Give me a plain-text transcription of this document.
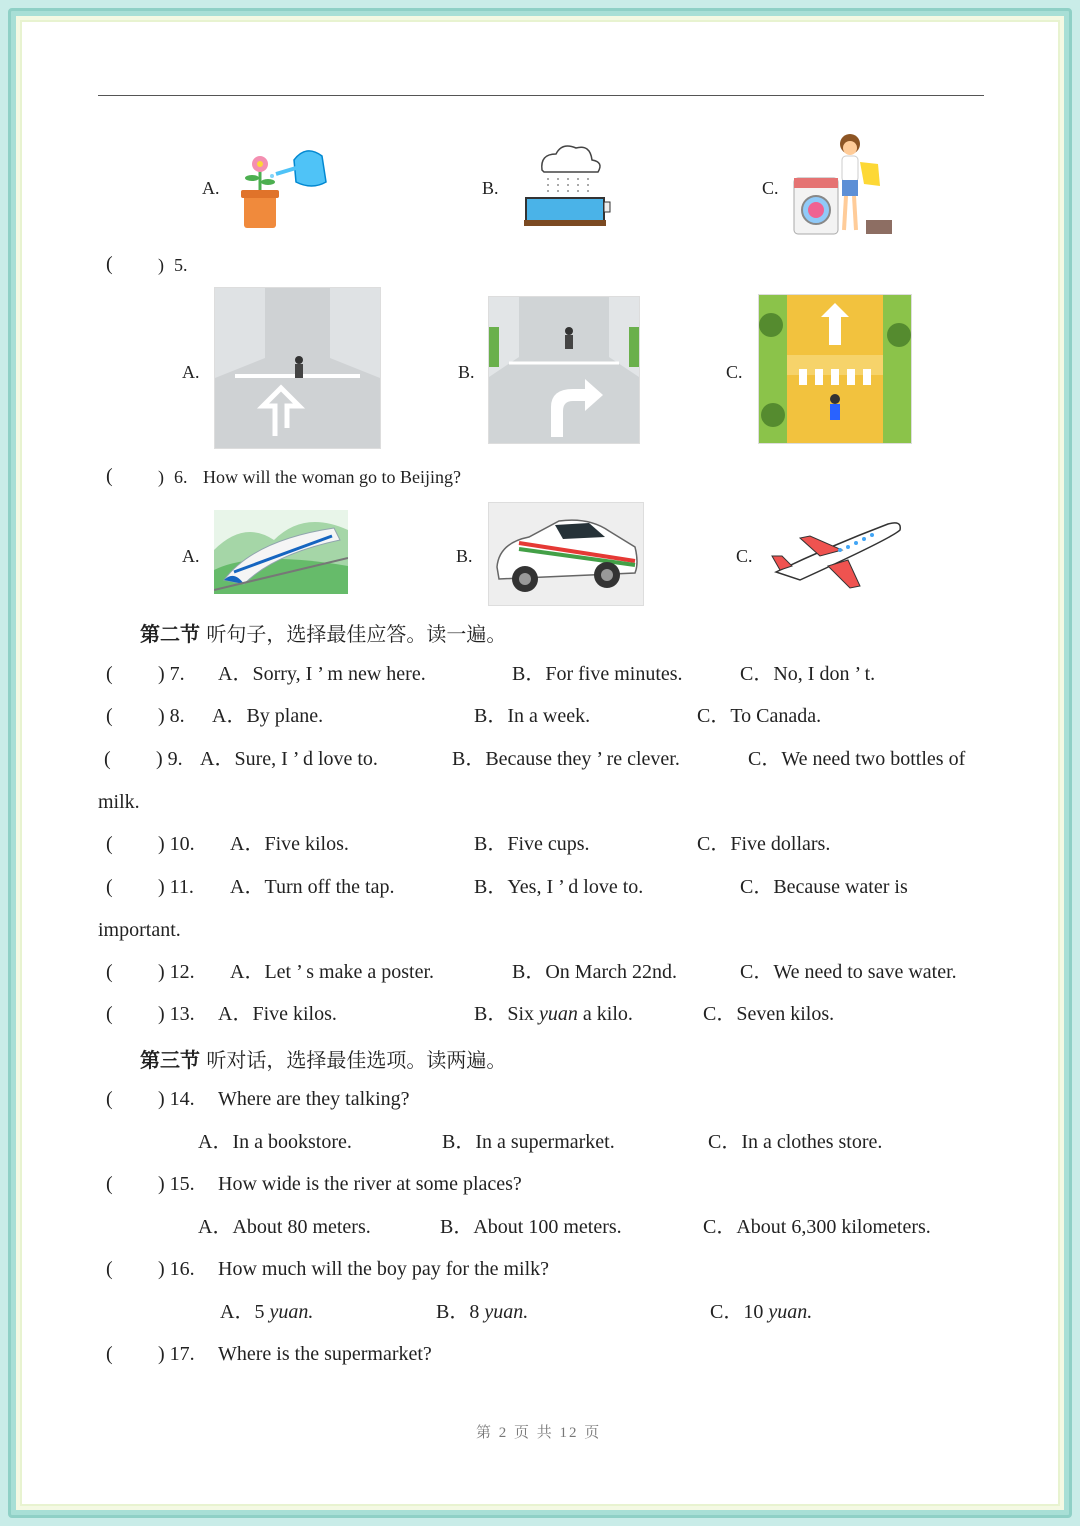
A.	B.	C.
(	) 5.
A.	B.	C.
(	) 6. How will the woman go to Beijing?
A.	B.	C.
第二节 听句子，选择最佳应答。读一遍。
( ) 7. A．Sorry, I ’ m new here.	B．For five minutes.	C．No, I don ’ t.
( ) 8. A．By plane.	B．In a week.	C．To Canada.
( ) 9. A．Sure, I ’ d love to.	B．Because they ’ re clever.	C．We need two bottles of
milk.
( ) 10. A．Five kilos.	B．Five cups.	C．Five dollars.
( ) 11. A．Turn off the tap.	B．Yes, I ’ d love to.	C．Because water is
important.
( ) 12. A．Let ’ s make a poster.	B．On March 22nd.	C．We need to save water.
( ) 13. A．Five kilos.	B．Six yuan a kilo.	C．Seven kilos.
第三节 听对话，选择最佳选项。读两遍。
( ) 14. Where are they talking?
A．In a bookstore.	B．In a supermarket.	C．In a clothes store.
( ) 15. How wide is the river at some places?
A．About 80 meters.	B．About 100 meters.	C．About 6,300 kilometers.
( ) 16. How much will the boy pay for the milk?
A．5 yuan.	B．8 yuan.	C．10 yuan.
( ) 17. Where is the supermarket?
第 2 页 共 12 页
